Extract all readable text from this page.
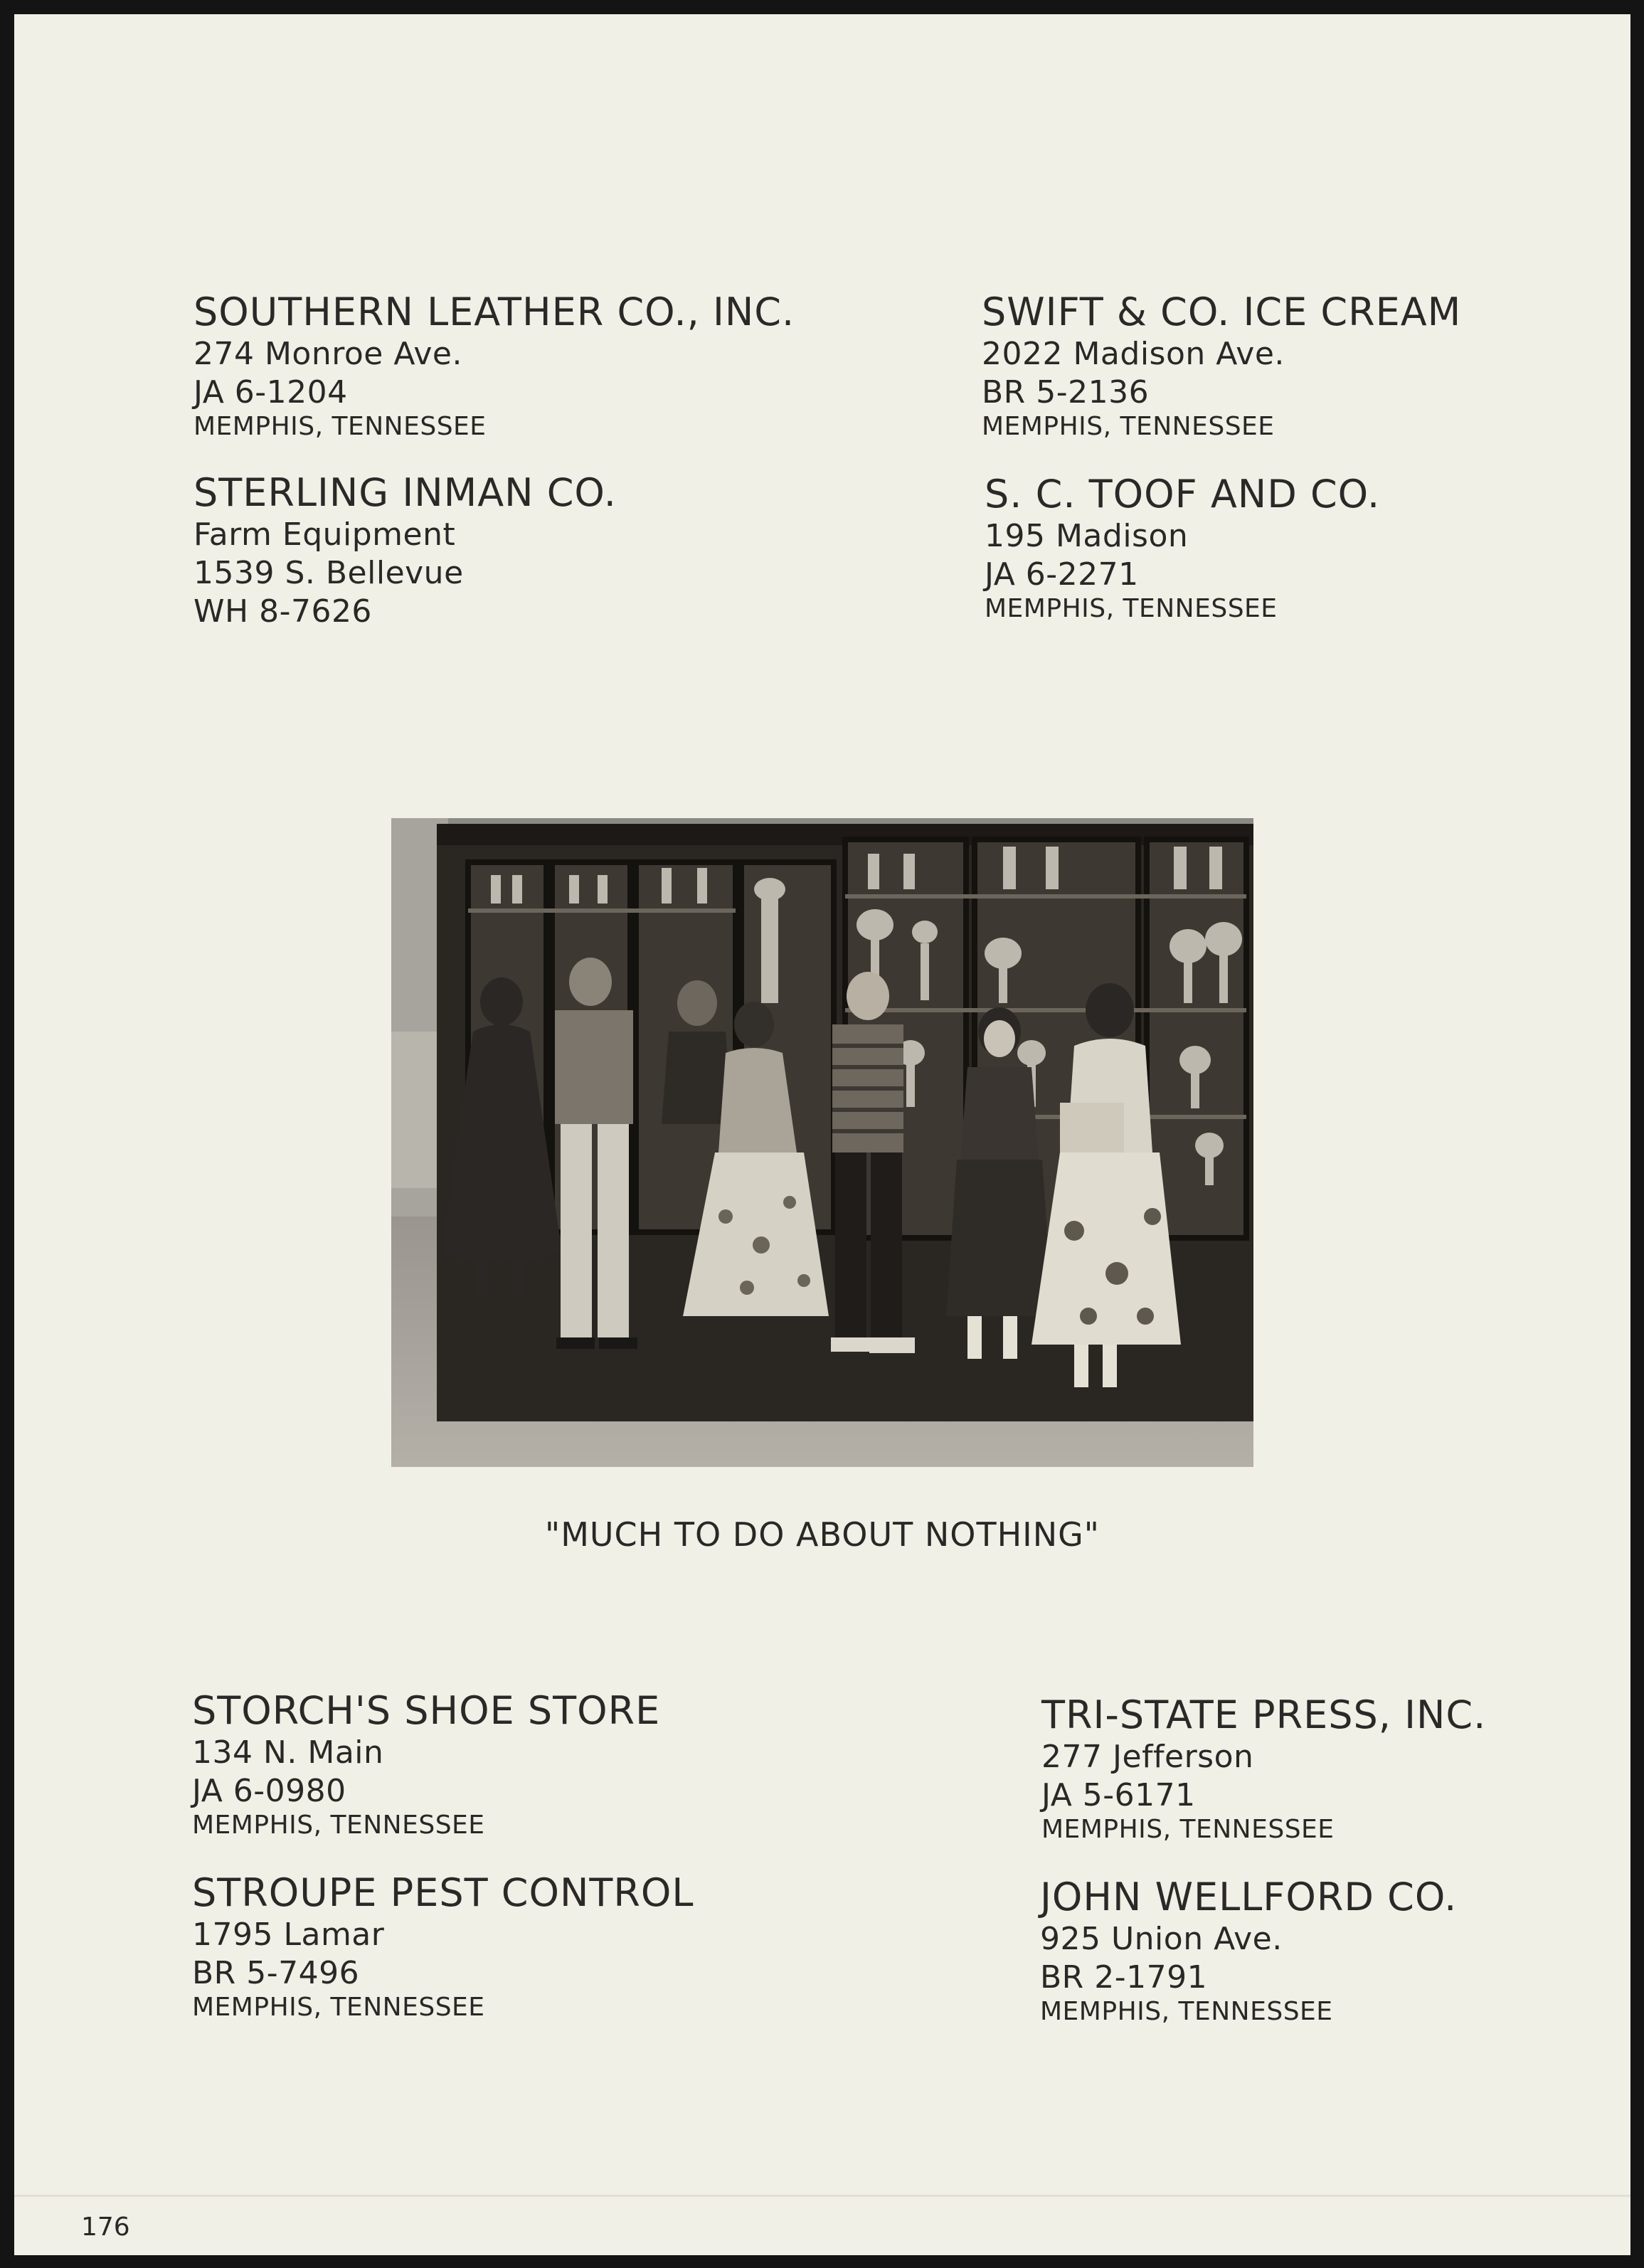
SOUTHERN LEATHER CO., INC.
274 Monroe Ave.
JA 6-1204
MEMPHIS, TENNESSEE
STERLING INMAN CO.
Farm Equipment
1539 S. Bellevue
WH 8-7626
SWIFT & CO. ICE CREAM
2022 Madison Ave.
BR 5-2136
MEMPHIS, TENNESSEE
S. C. TOOF AND CO.
195 Madison
JA 6-2271
MEMPHIS, TENNESSEE
"MUCH TO DO ABOUT NOTHING"
STORCH'S SHOE STORE
134 N. Main
JA 6-0980
MEMPHIS, TENNESSEE
STROUPE PEST CONTROL
1795 Lamar
BR 5-7496
MEMPHIS, TENNESSEE
TRI-STATE PRESS, INC.
277 Jefferson
JA 5-6171
MEMPHIS, TENNESSEE
JOHN WELLFORD CO.
925 Union Ave.
BR 2-1791
MEMPHIS, TENNESSEE
176
